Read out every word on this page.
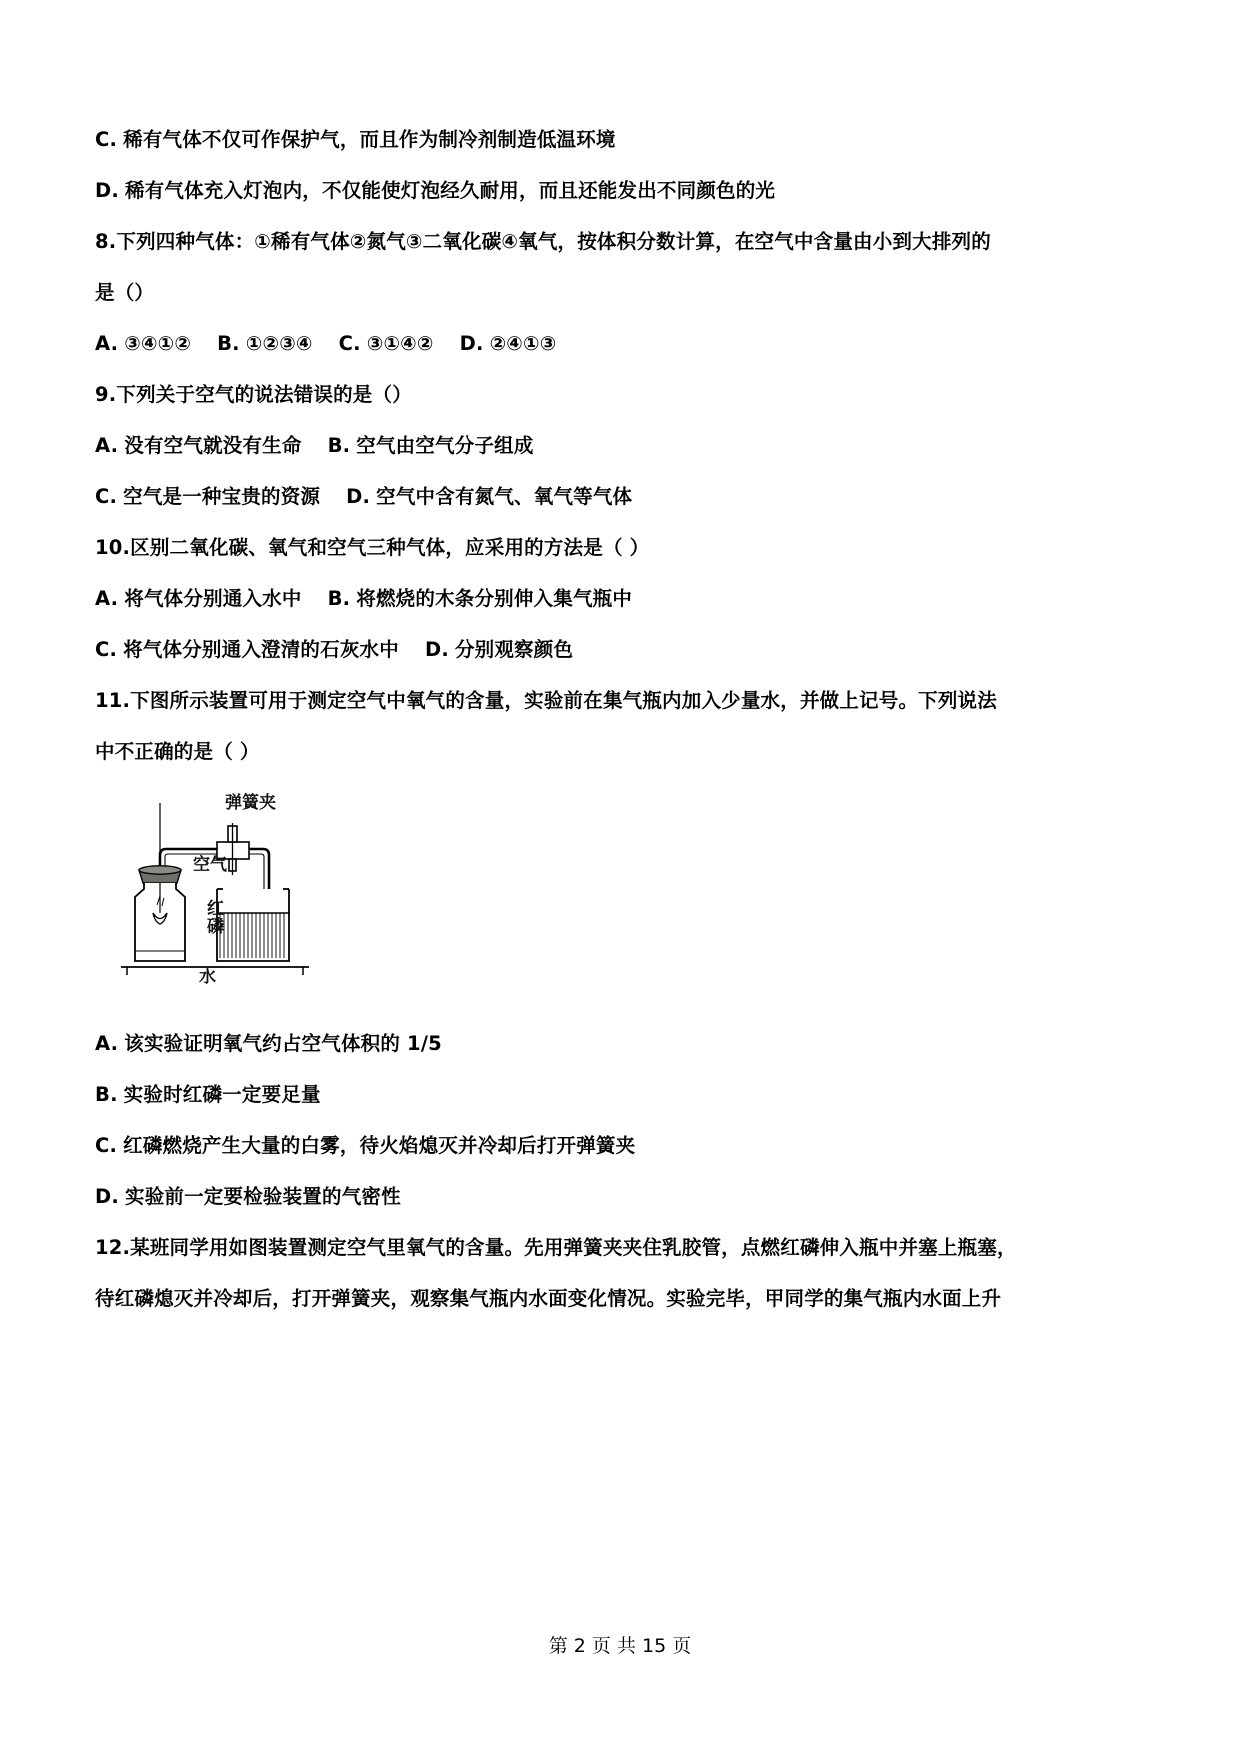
C. 稀有气体不仅可作保护气，而且作为制冷剂制造低温环境

D. 稀有气体充入灯泡内，不仅能使灯泡经久耐用，而且还能发出不同颜色的光

8.下列四种气体：①稀有气体②氮气③二氧化碳④氧气，按体积分数计算，在空气中含量由小到大排列的

是（）

A. ③④①② B. ①②③④ C. ③①④② D. ②④①③

9.下列关于空气的说法错误的是（）

A. 没有空气就没有生命 B. 空气由空气分子组成

C. 空气是一种宝贵的资源 D. 空气中含有氮气、氧气等气体

10.区别二氧化碳、氧气和空气三种气体，应采用的方法是（ ）

A. 将气体分别通入水中 B. 将燃烧的木条分别伸入集气瓶中

C. 将气体分别通入澄清的石灰水中 D. 分别观察颜色

11.下图所示装置可用于测定空气中氧气的含量，实验前在集气瓶内加入少量水，并做上记号。下列说法

中不正确的是（ ）

弹簧夹
空气
红磷
水

A. 该实验证明氧气约占空气体积的 1/5

B. 实验时红磷一定要足量

C. 红磷燃烧产生大量的白雾，待火焰熄灭并冷却后打开弹簧夹

D. 实验前一定要检验装置的气密性

12.某班同学用如图装置测定空气里氧气的含量。先用弹簧夹夹住乳胶管，点燃红磷伸入瓶中并塞上瓶塞，

待红磷熄灭并冷却后，打开弹簧夹，观察集气瓶内水面变化情况。实验完毕，甲同学的集气瓶内水面上升

第 2 页 共 15 页
